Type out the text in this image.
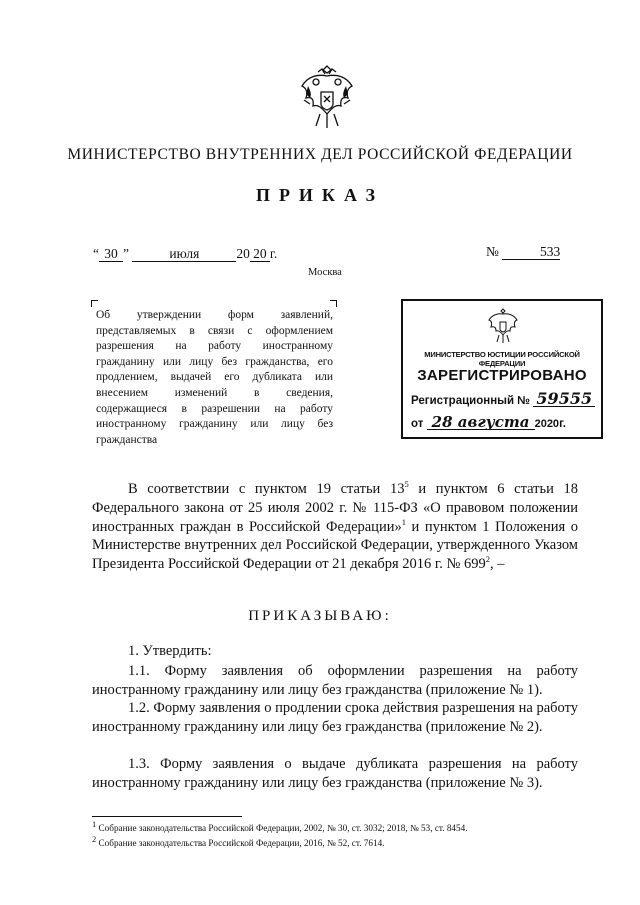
МИНИСТЕРСТВО ВНУТРЕННИХ ДЕЛ РОССИЙСКОЙ ФЕДЕРАЦИИ
ПРИКАЗ
“ 30 ”	июля	20 20 г.	№	533
Москва
Об утверждении форм заявлений, представляемых в связи с оформлением разрешения на работу иностранному гражданину или лицу без гражданства, его продлением, выдачей его дубликата или внесением изменений в сведения, содержащиеся в разрешении на работу иностранному гражданину или лицу без гражданства
МИНИСТЕРСТВО ЮСТИЦИИ РОССИЙСКОЙ ФЕДЕРАЦИИ
ЗАРЕГИСТРИРОВАНО
Регистрационный № 59555
от 28 августа 2020г.
В соответствии с пунктом 19 статьи $13^5$ и пунктом 6 статьи 18 Федерального закона от 25 июля 2002 г. № 115-ФЗ «О правовом положении иностранных граждан в Российской Федерации»$^1$ и пунктом 1 Положения о Министерстве внутренних дел Российской Федерации, утвержденного Указом Президента Российской Федерации от 21 декабря 2016 г. № $699^2$, –
ПРИКАЗЫВАЮ:
1. Утвердить:
1.1. Форму заявления об оформлении разрешения на работу иностранному гражданину или лицу без гражданства (приложение № 1).
1.2. Форму заявления о продлении срока действия разрешения на работу иностранному гражданину или лицу без гражданства (приложение № 2).
1.3. Форму заявления о выдаче дубликата разрешения на работу иностранному гражданину или лицу без гражданства (приложение № 3).
$^1$ Собрание законодательства Российской Федерации, 2002, № 30, ст. 3032; 2018, № 53, ст. 8454.
$^2$ Собрание законодательства Российской Федерации, 2016, № 52, ст. 7614.
